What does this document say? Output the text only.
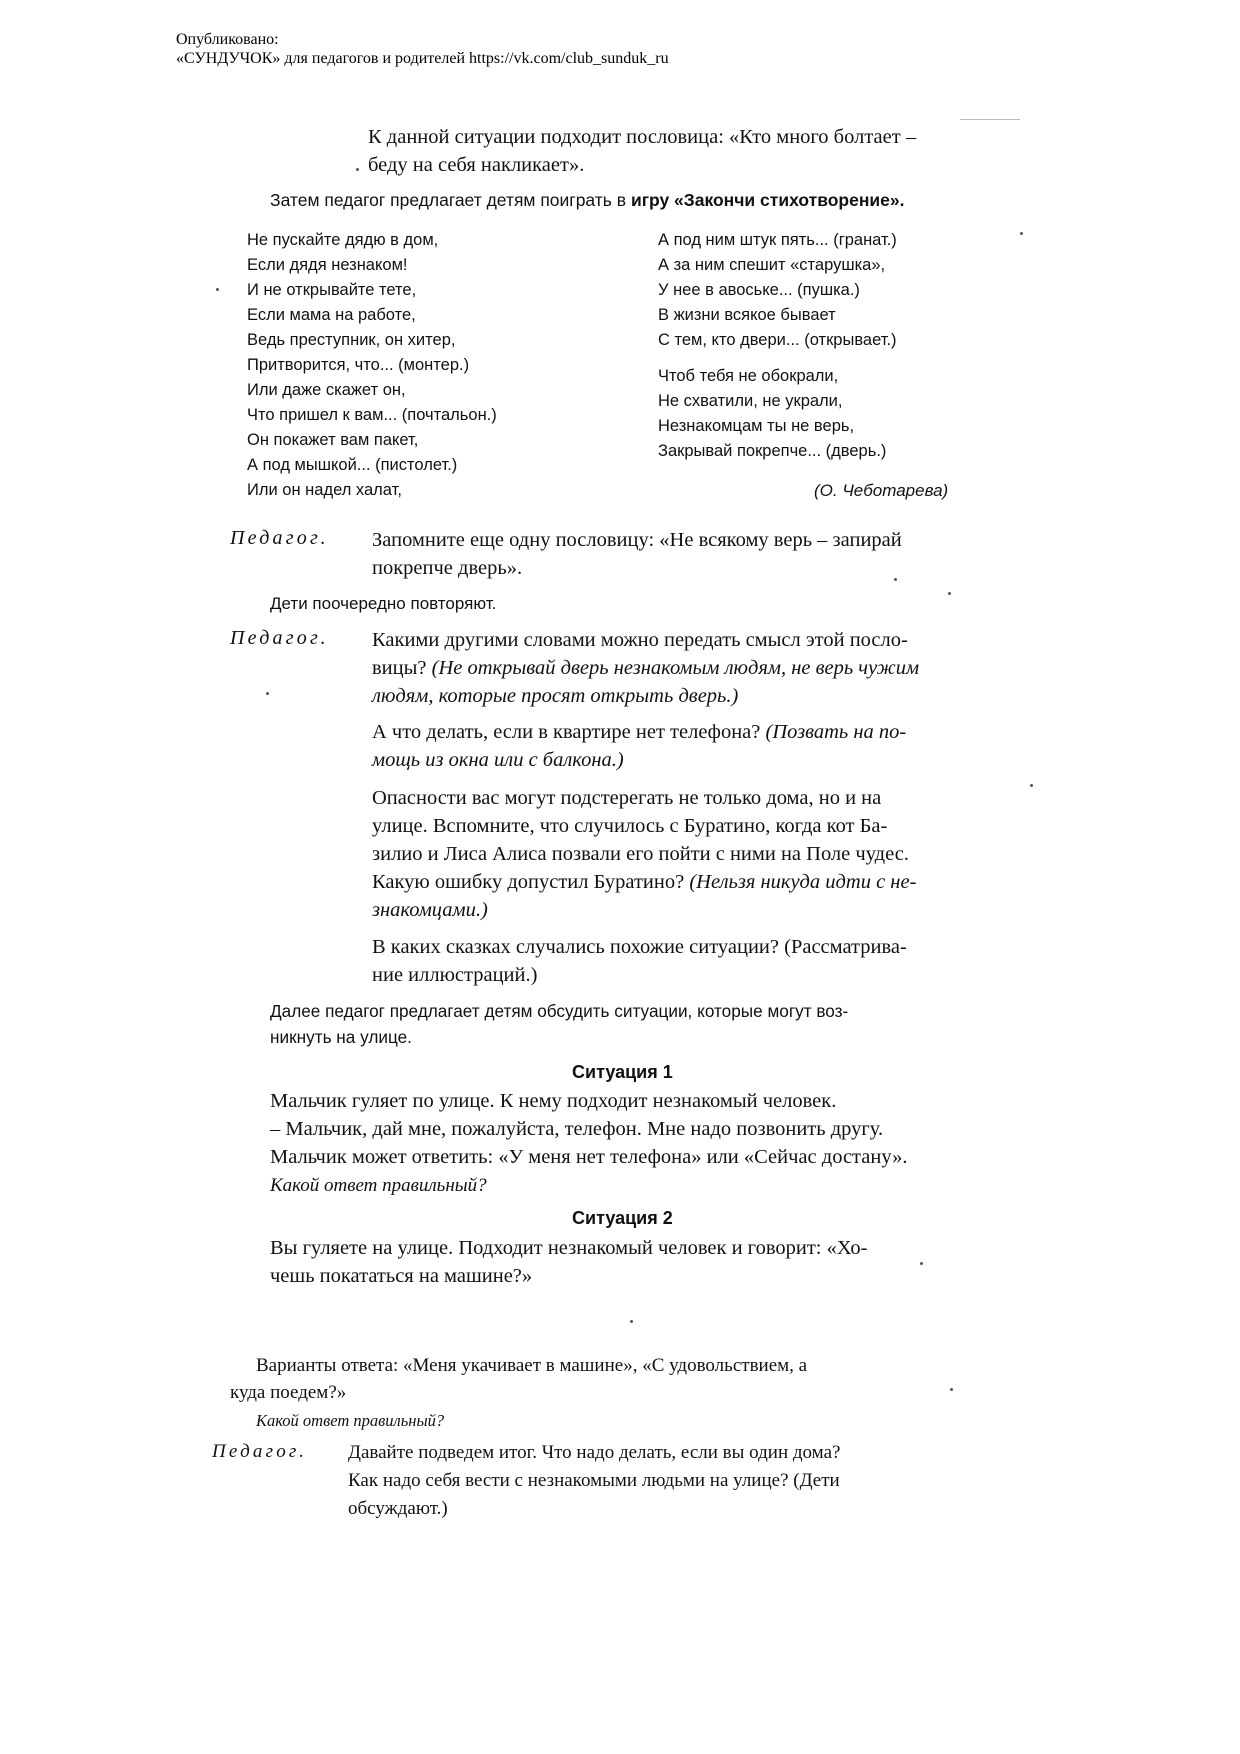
Опубликовано:
«СУНДУЧОК» для педагогов и родителей https://vk.com/club_sunduk_ru
К данной ситуации подходит пословица: «Кто много болтает –
беду на себя накликает».
Затем педагог предлагает детям поиграть в игру «Закончи стихотворение».
Не пускайте дядю в дом,
Если дядя незнаком!
И не открывайте тете,
Если мама на работе,
Ведь преступник, он хитер,
Притворится, что... (монтер.)
Или даже скажет он,
Что пришел к вам... (почтальон.)
Он покажет вам пакет,
А под мышкой... (пистолет.)
Или он надел халат,
А под ним штук пять... (гранат.)
А за ним спешит «старушка»,
У нее в авоське... (пушка.)
В жизни всякое бывает
С тем, кто двери... (открывает.)
Чтоб тебя не обокрали,
Не схватили, не украли,
Незнакомцам ты не верь,
Закрывай покрепче... (дверь.)
(О. Чеботарева)
Педагог. Запомните еще одну пословицу: «Не всякому верь – запирай
покрепче дверь».
Дети поочередно повторяют.
Педагог. Какими другими словами можно передать смысл этой посло-
вицы? (Не открывай дверь незнакомым людям, не верь чужим
людям, которые просят открыть дверь.)
А что делать, если в квартире нет телефона? (Позвать на по-
мощь из окна или с балкона.)
Опасности вас могут подстерегать не только дома, но и на
улице. Вспомните, что случилось с Буратино, когда кот Ба-
зилио и Лиса Алиса позвали его пойти с ними на Поле чудес.
Какую ошибку допустил Буратино? (Нельзя никуда идти с не-
знакомцами.)
В каких сказках случались похожие ситуации? (Рассматрива-
ние иллюстраций.)
Далее педагог предлагает детям обсудить ситуации, которые могут воз-
никнуть на улице.
Ситуация 1
Мальчик гуляет по улице. К нему подходит незнакомый человек.
– Мальчик, дай мне, пожалуйста, телефон. Мне надо позвонить другу.
Мальчик может ответить: «У меня нет телефона» или «Сейчас достану».
Какой ответ правильный?
Ситуация 2
Вы гуляете на улице. Подходит незнакомый человек и говорит: «Хо-
чешь покататься на машине?»
Варианты ответа: «Меня укачивает в машине», «С удовольствием, а
куда поедем?»
Какой ответ правильный?
Педагог. Давайте подведем итог. Что надо делать, если вы один дома?
Как надо себя вести с незнакомыми людьми на улице? (Дети
обсуждают.)
